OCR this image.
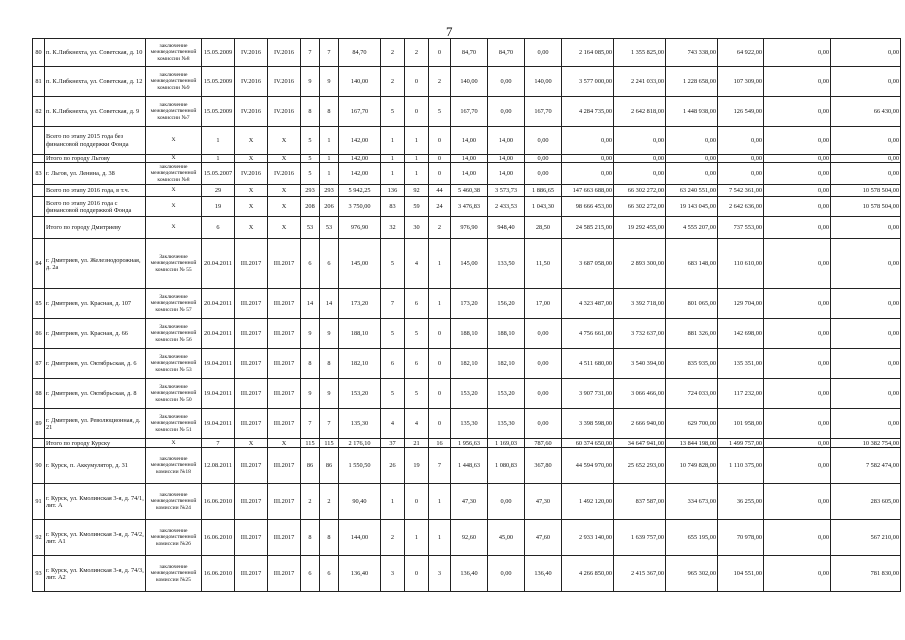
7
80	п. К.Либкнехта, ул. Советская, д. 10	заключение межведомственной комиссии №8	15.05.2009	IV.2016	IV.2016	7	7	84,70	2	2	0	84,70	84,70	0,00	2 164 085,00	1 355 825,00	743 338,00	64 922,00	0,00	0,00
81	п. К.Либкнехта, ул. Советская, д. 12	заключение межведомственной комиссии №9	15.05.2009	IV.2016	IV.2016	9	9	140,00	2	0	2	140,00	0,00	140,00	3 577 000,00	2 241 033,00	1 228 658,00	107 309,00	0,00	0,00
82	п. К.Либкнехта, ул. Советская, д. 9	заключение межведомственной комиссии №7	15.05.2009	IV.2016	IV.2016	8	8	167,70	5	0	5	167,70	0,00	167,70	4 284 735,00	2 642 818,00	1 448 938,00	126 549,00	0,00	66 430,00
	Всего по этапу 2015 года без финансовой поддержки Фонда	X	1	X	X	5	1	142,00	1	1	0	14,00	14,00	0,00	0,00	0,00	0,00	0,00	0,00	0,00
	Итого по городу Льгову	X	1	X	X	5	1	142,00	1	1	0	14,00	14,00	0,00	0,00	0,00	0,00	0,00	0,00	0,00
83	г. Льгов, ул. Ленина, д. 38	заключение межведомственной комиссии №8	15.05.2007	IV.2016	IV.2016	5	1	142,00	1	1	0	14,00	14,00	0,00	0,00	0,00	0,00	0,00	0,00	0,00
	Всего по этапу 2016 года, в т.ч.	X	29	X	X	293	293	5 942,25	136	92	44	5 460,38	3 573,73	1 886,65	147 663 688,00	66 302 272,00	63 240 551,00	7 542 361,00	0,00	10 578 504,00
	Всего по этапу 2016 года с финансовой поддержкой Фонда	X	19	X	X	208	206	3 750,00	83	59	24	3 476,83	2 433,53	1 043,30	98 666 453,00	66 302 272,00	19 143 045,00	2 642 636,00	0,00	10 578 504,00
	Итого по городу Дмитриеву	X	6	X	X	53	53	976,90	32	30	2	976,90	948,40	28,50	24 585 215,00	19 292 455,00	4 555 207,00	737 553,00	0,00	0,00
84	г. Дмитриев, ул. Железнодорожная, д. 2а	Заключение межведомственной комиссии № 55	20.04.2011	III.2017	III.2017	6	6	145,00	5	4	1	145,00	133,50	11,50	3 687 058,00	2 893 300,00	683 148,00	110 610,00	0,00	0,00
85	г. Дмитриев, ул. Красная, д. 107	Заключение межведомственной комиссии № 57	20.04.2011	III.2017	III.2017	14	14	173,20	7	6	1	173,20	156,20	17,00	4 323 487,00	3 392 718,00	801 065,00	129 704,00	0,00	0,00
86	г. Дмитриев, ул. Красная, д. 66	Заключение межведомственной комиссии № 56	20.04.2011	III.2017	III.2017	9	9	188,10	5	5	0	188,10	188,10	0,00	4 756 661,00	3 732 637,00	881 326,00	142 698,00	0,00	0,00
87	г. Дмитриев, ул. Октябрьская, д. 6	Заключение межведомственной комиссии № 53	19.04.2011	III.2017	III.2017	8	8	182,10	6	6	0	182,10	182,10	0,00	4 511 680,00	3 540 394,00	835 935,00	135 351,00	0,00	0,00
88	г. Дмитриев, ул. Октябрьская, д. 8	Заключение межведомственной комиссии № 50	19.04.2011	III.2017	III.2017	9	9	153,20	5	5	0	153,20	153,20	0,00	3 907 731,00	3 066 466,00	724 033,00	117 232,00	0,00	0,00
89	г. Дмитриев, ул. Революционная, д. 21	Заключение межведомственной комиссии № 51	19.04.2011	III.2017	III.2017	7	7	135,30	4	4	0	135,30	135,30	0,00	3 398 598,00	2 666 940,00	629 700,00	101 958,00	0,00	0,00
	Итого по городу Курску	X	7	X	X	115	115	2 176,10	37	21	16	1 956,63	1 169,03	787,60	60 374 650,00	34 647 941,00	13 844 198,00	1 499 757,00	0,00	10 382 754,00
90	г. Курск, п. Аккумулятор, д. 31	заключение межведомственной комиссии №18	12.08.2011	III.2017	III.2017	86	86	1 550,50	26	19	7	1 448,63	1 080,83	367,80	44 594 970,00	25 652 293,00	10 749 828,00	1 110 375,00	0,00	7 582 474,00
91	г. Курск, ул. Кмолинская 3-я, д. 74/1, лит. А	заключение межведомственной комиссии №24	16.06.2010	III.2017	III.2017	2	2	90,40	1	0	1	47,30	0,00	47,30	1 492 120,00	837 587,00	334 673,00	36 255,00	0,00	283 605,00
92	г. Курск, ул. Кмолинская 3-я, д. 74/2, лит. А1	заключение межведомственной комиссии №26	16.06.2010	III.2017	III.2017	8	8	144,00	2	1	1	92,60	45,00	47,60	2 933 140,00	1 639 757,00	655 195,00	70 978,00	0,00	567 210,00
93	г. Курск, ул. Кмолинская 3-я, д. 74/3, лит. А2	заключение межведомственной комиссии №25	16.06.2010	III.2017	III.2017	6	6	136,40	3	0	3	136,40	0,00	136,40	4 266 850,00	2 415 367,00	965 302,00	104 551,00	0,00	781 830,00
